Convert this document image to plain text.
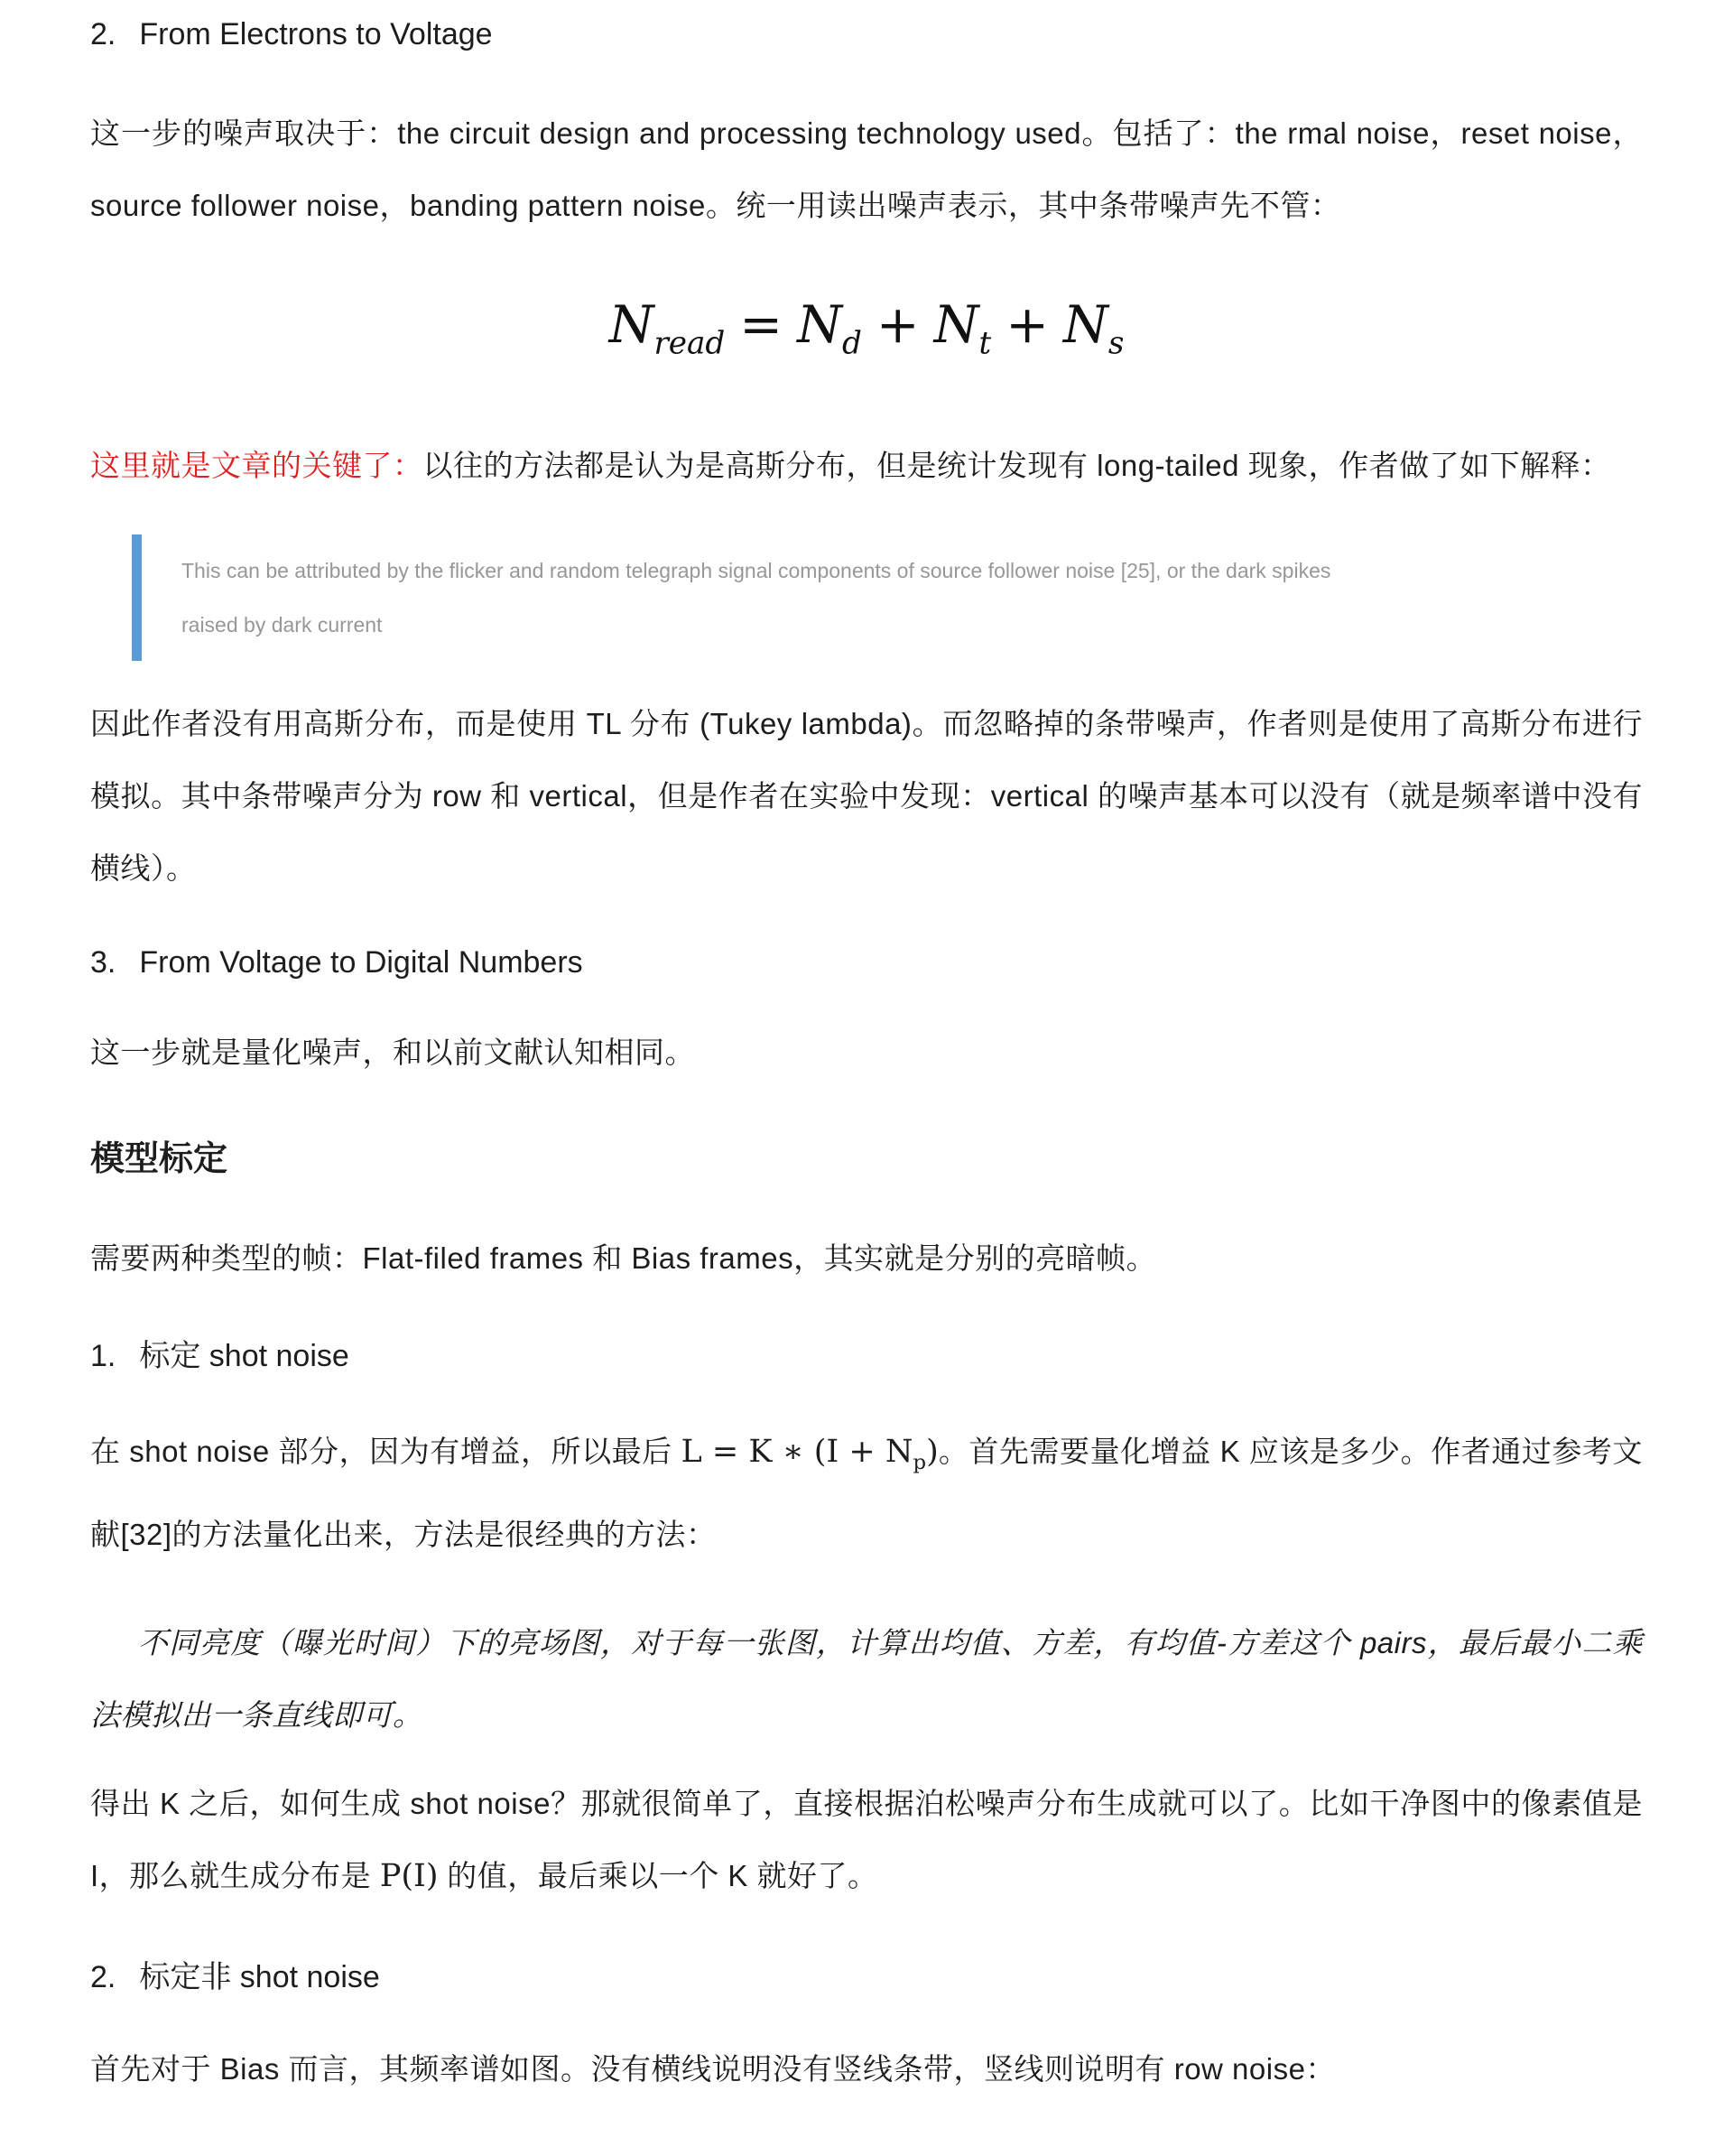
2. From Electrons to Voltage

这一步的噪声取决于：the circuit design and processing technology used。包括了：the rmal noise，reset noise，source follower noise，banding pattern noise。统一用读出噪声表示，其中条带噪声先不管：

$N_{read} = N_d + N_t + N_s$

这里就是文章的关键了：以往的方法都是认为是高斯分布，但是统计发现有 long-tailed 现象，作者做了如下解释：

This can be attributed by the flicker and random telegraph signal components of source follower noise [25], or the dark spikes raised by dark current

因此作者没有用高斯分布，而是使用 TL 分布 (Tukey lambda)。而忽略掉的条带噪声，作者则是使用了高斯分布进行模拟。其中条带噪声分为 row 和 vertical，但是作者在实验中发现：vertical 的噪声基本可以没有（就是频率谱中没有横线）。

3. From Voltage to Digital Numbers

这一步就是量化噪声，和以前文献认知相同。

模型标定

需要两种类型的帧：Flat-filed frames 和 Bias frames，其实就是分别的亮暗帧。

1. 标定 shot noise

在 shot noise 部分，因为有增益，所以最后 L = K ∗ $(I + N_p)$。首先需要量化增益 K 应该是多少。作者通过参考文献[32]的方法量化出来，方法是很经典的方法：

不同亮度（曝光时间）下的亮场图，对于每一张图，计算出均值、方差，有均值-方差这个 pairs，最后最小二乘法模拟出一条直线即可。

得出 K 之后，如何生成 shot noise？那就很简单了，直接根据泊松噪声分布生成就可以了。比如干净图中的像素值是 I，那么就生成分布是 P(I) 的值，最后乘以一个 K 就好了。

2. 标定非 shot noise

首先对于 Bias 而言，其频率谱如图。没有横线说明没有竖线条带，竖线则说明有 row noise：
